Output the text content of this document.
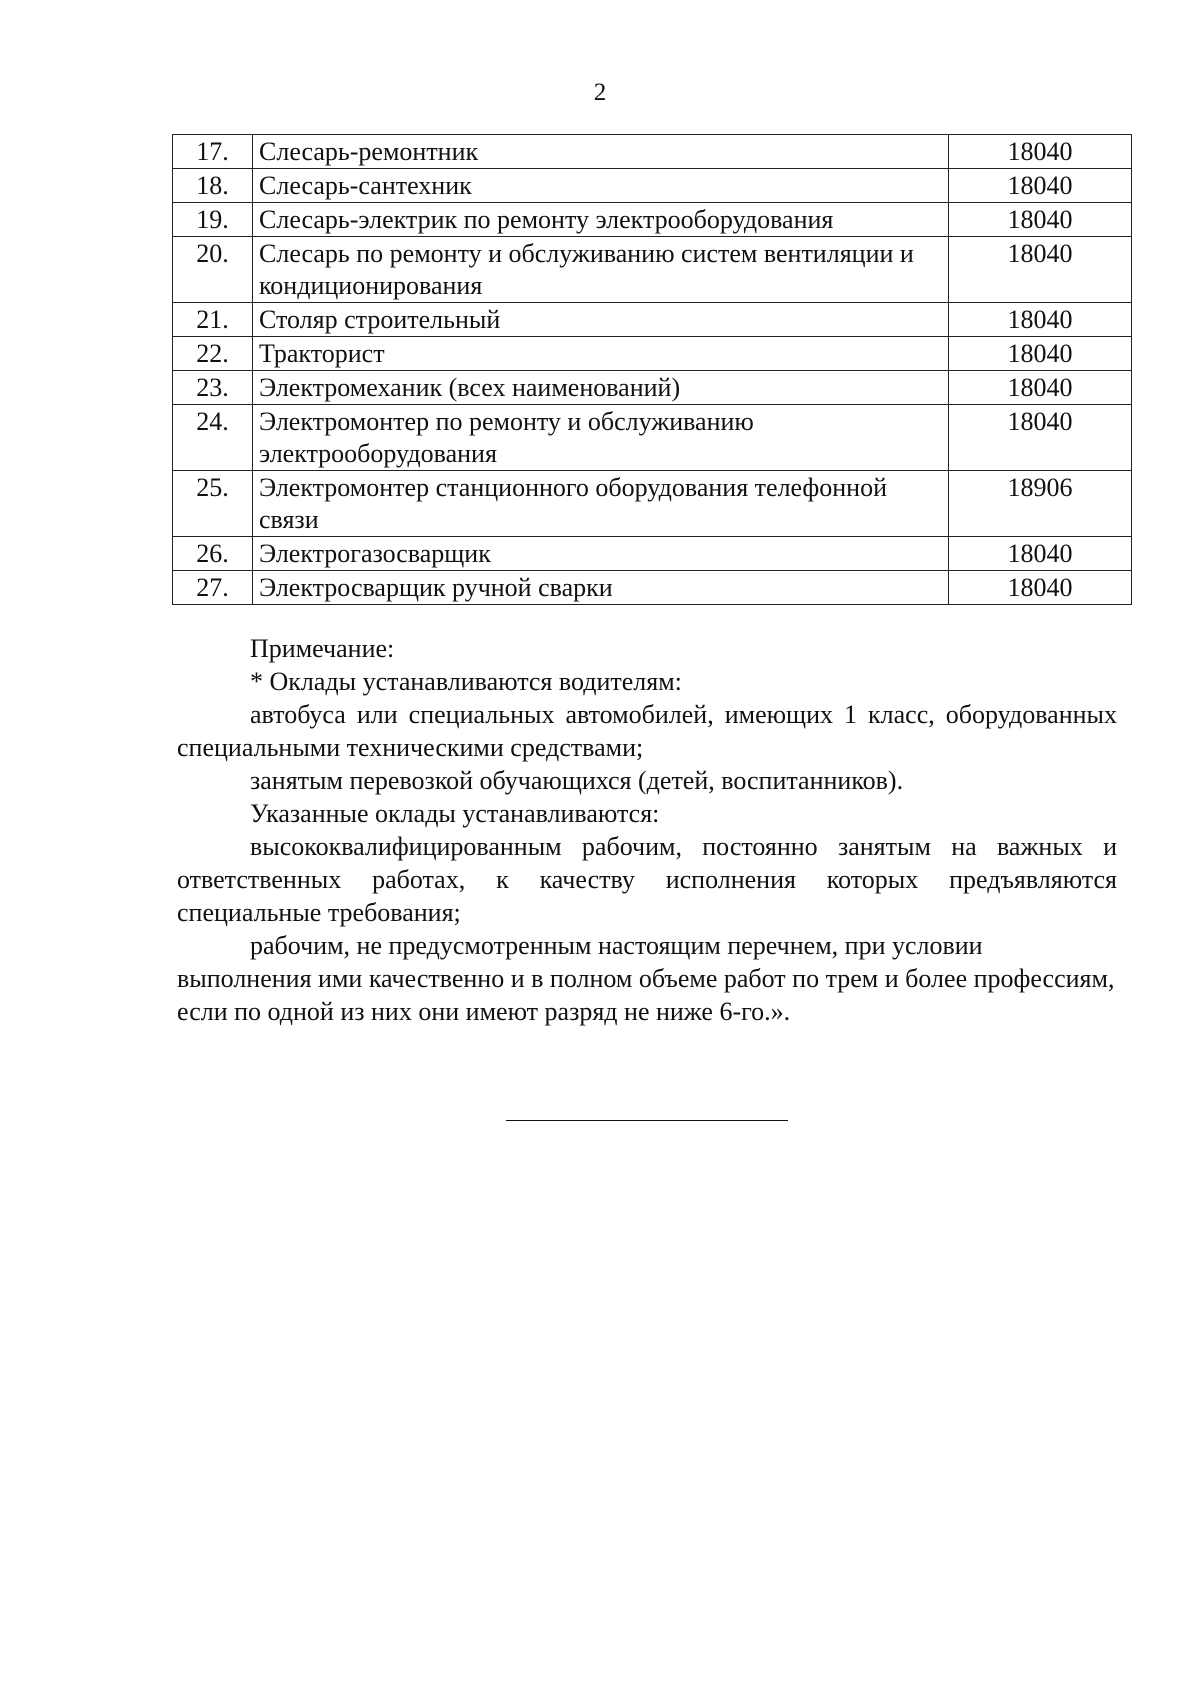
2
17.	Слесарь-ремонтник	18040
18.	Слесарь-сантехник	18040
19.	Слесарь-электрик по ремонту электрооборудования	18040
20.	Слесарь по ремонту и обслуживанию систем вентиляции и кондиционирования	18040
21.	Столяр строительный	18040
22.	Тракторист	18040
23.	Электромеханик (всех наименований)	18040
24.	Электромонтер по ремонту и обслуживанию электрооборудования	18040
25.	Электромонтер станционного оборудования телефонной связи	18906
26.	Электрогазосварщик	18040
27.	Электросварщик ручной сварки	18040

Примечание:

* Оклады устанавливаются водителям:

автобуса или специальных автомобилей, имеющих 1 класс, оборудованных специальными техническими средствами;

занятым перевозкой обучающихся (детей, воспитанников).

Указанные оклады устанавливаются:

высококвалифицированным рабочим, постоянно занятым на важных и ответственных работах, к качеству исполнения которых предъявляются специальные требования;

рабочим, не предусмотренным настоящим перечнем, при условии выполнения ими качественно и в полном объеме работ по трем и более профессиям, если по одной из них они имеют разряд не ниже 6-го.».
